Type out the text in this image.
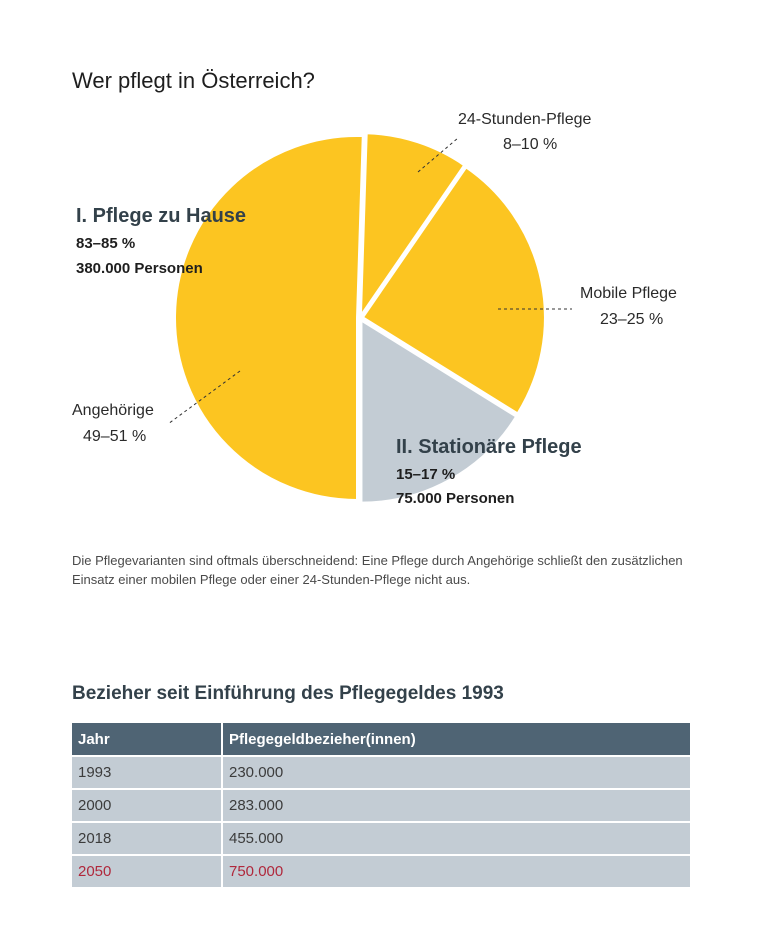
Wer pflegt in Österreich?
24-Stunden-Pflege
8–10 %
Mobile Pflege
23–25 %
Angehörige
49–51 %
I. Pflege zu Hause
83–85 %
380.000 Personen
II. Stationäre Pflege
15–17 %
75.000 Personen
Die Pflegevarianten sind oftmals überschneidend: Eine Pflege durch Angehörige schließt den zusätzlichen Einsatz einer mobilen Pflege oder einer 24-Stunden-Pflege nicht aus.
Bezieher seit Einführung des Pflegegeldes 1993
Jahr	Pflegegeldbezieher(innen)
1993	230.000
2000	283.000
2018	455.000
2050	750.000
